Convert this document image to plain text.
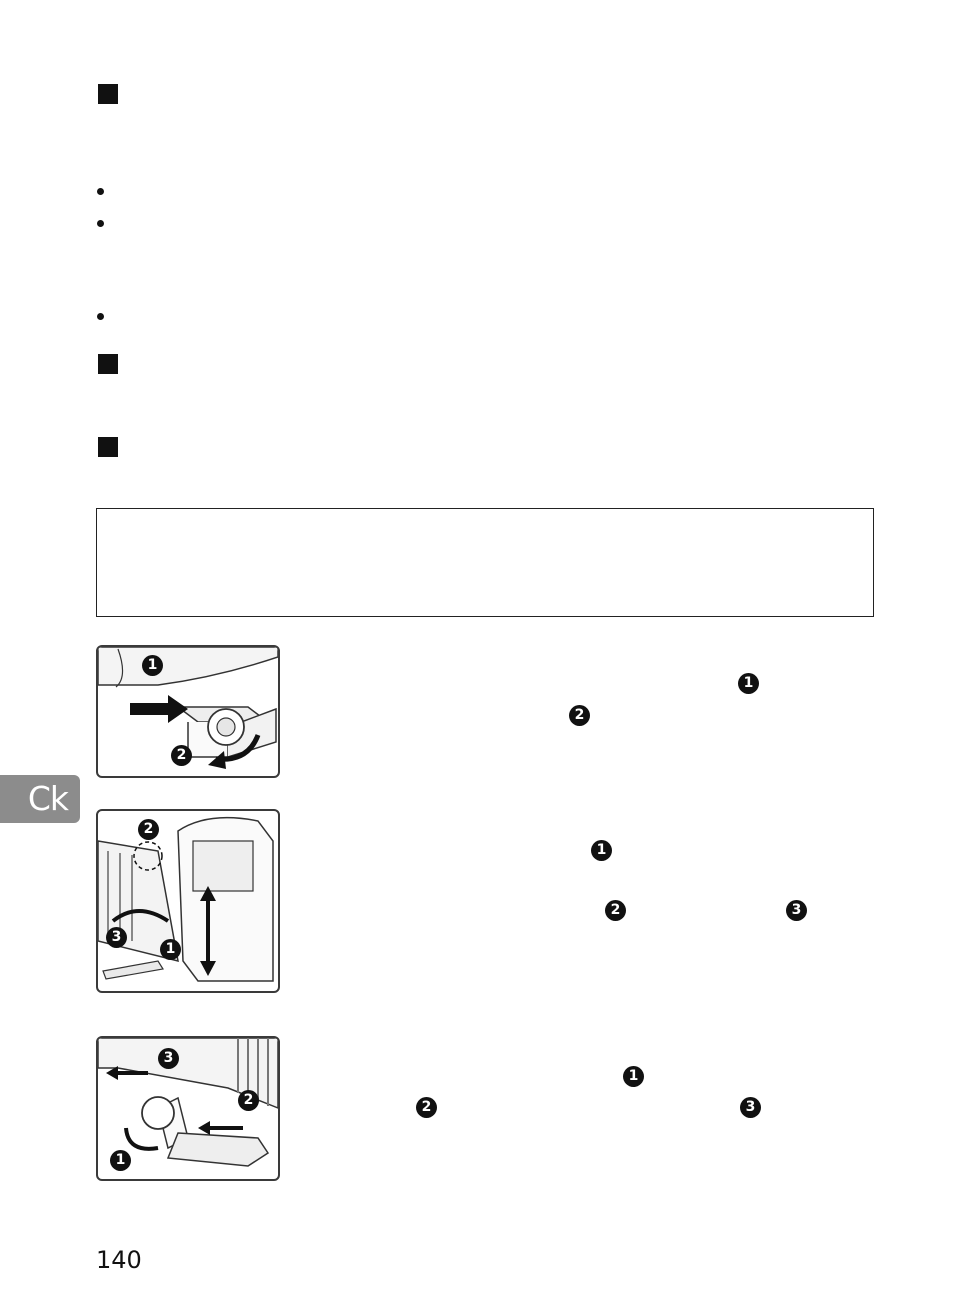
Ck
1
2
2
3
1
3
2
1
1
2
1
2	3
1
2	3
140
